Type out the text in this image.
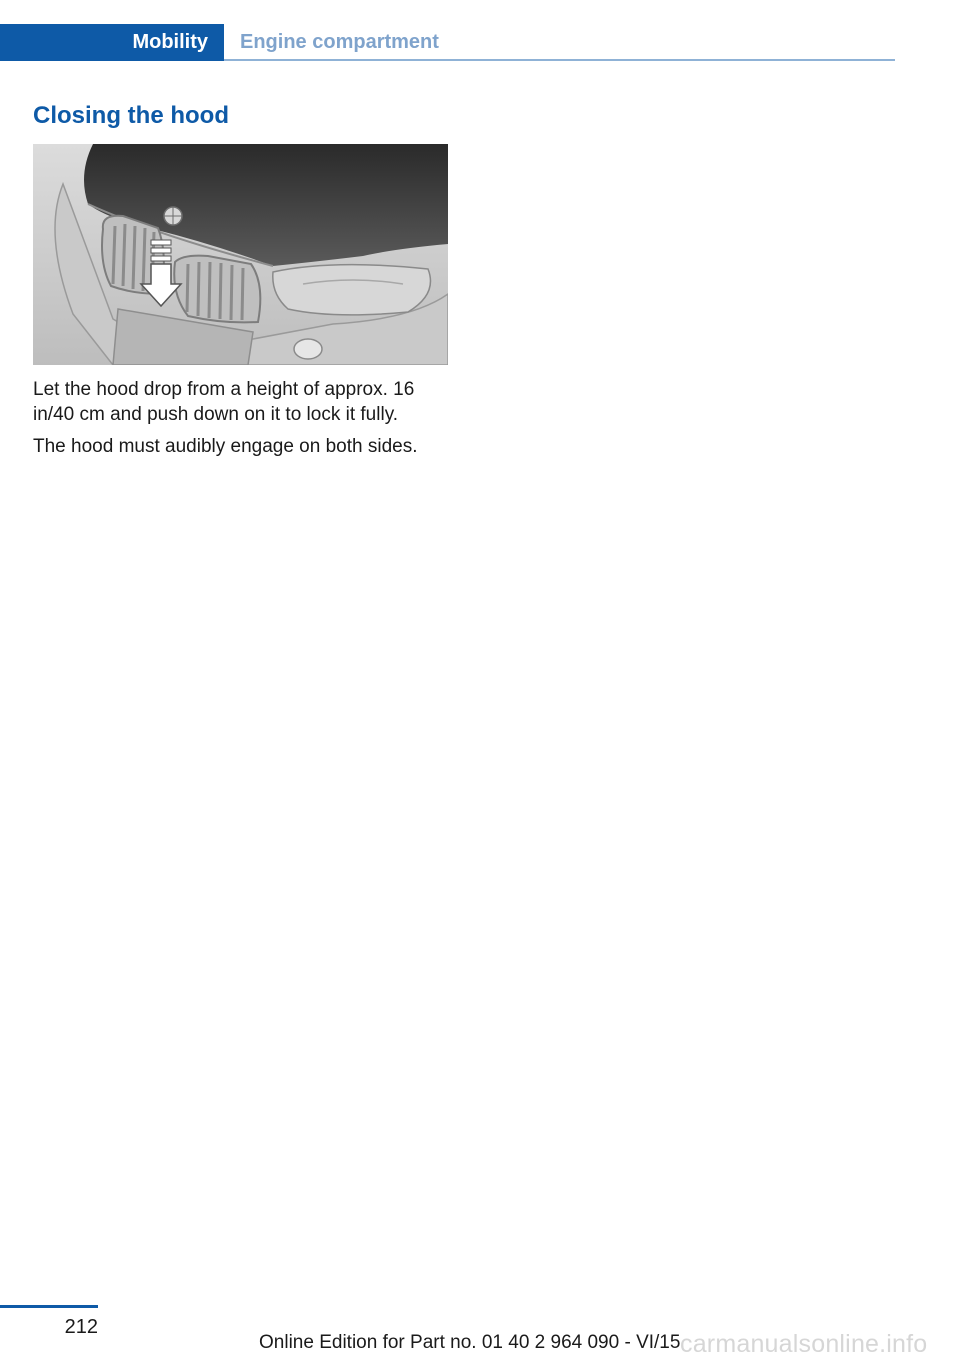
Mobility	Engine compartment
Closing the hood

Let the hood drop from a height of approx. 16 in/40 cm and push down on it to lock it fully.

The hood must audibly engage on both sides.

212
Online Edition for Part no. 01 40 2 964 090 - VI/15 carmanualsonline.info
